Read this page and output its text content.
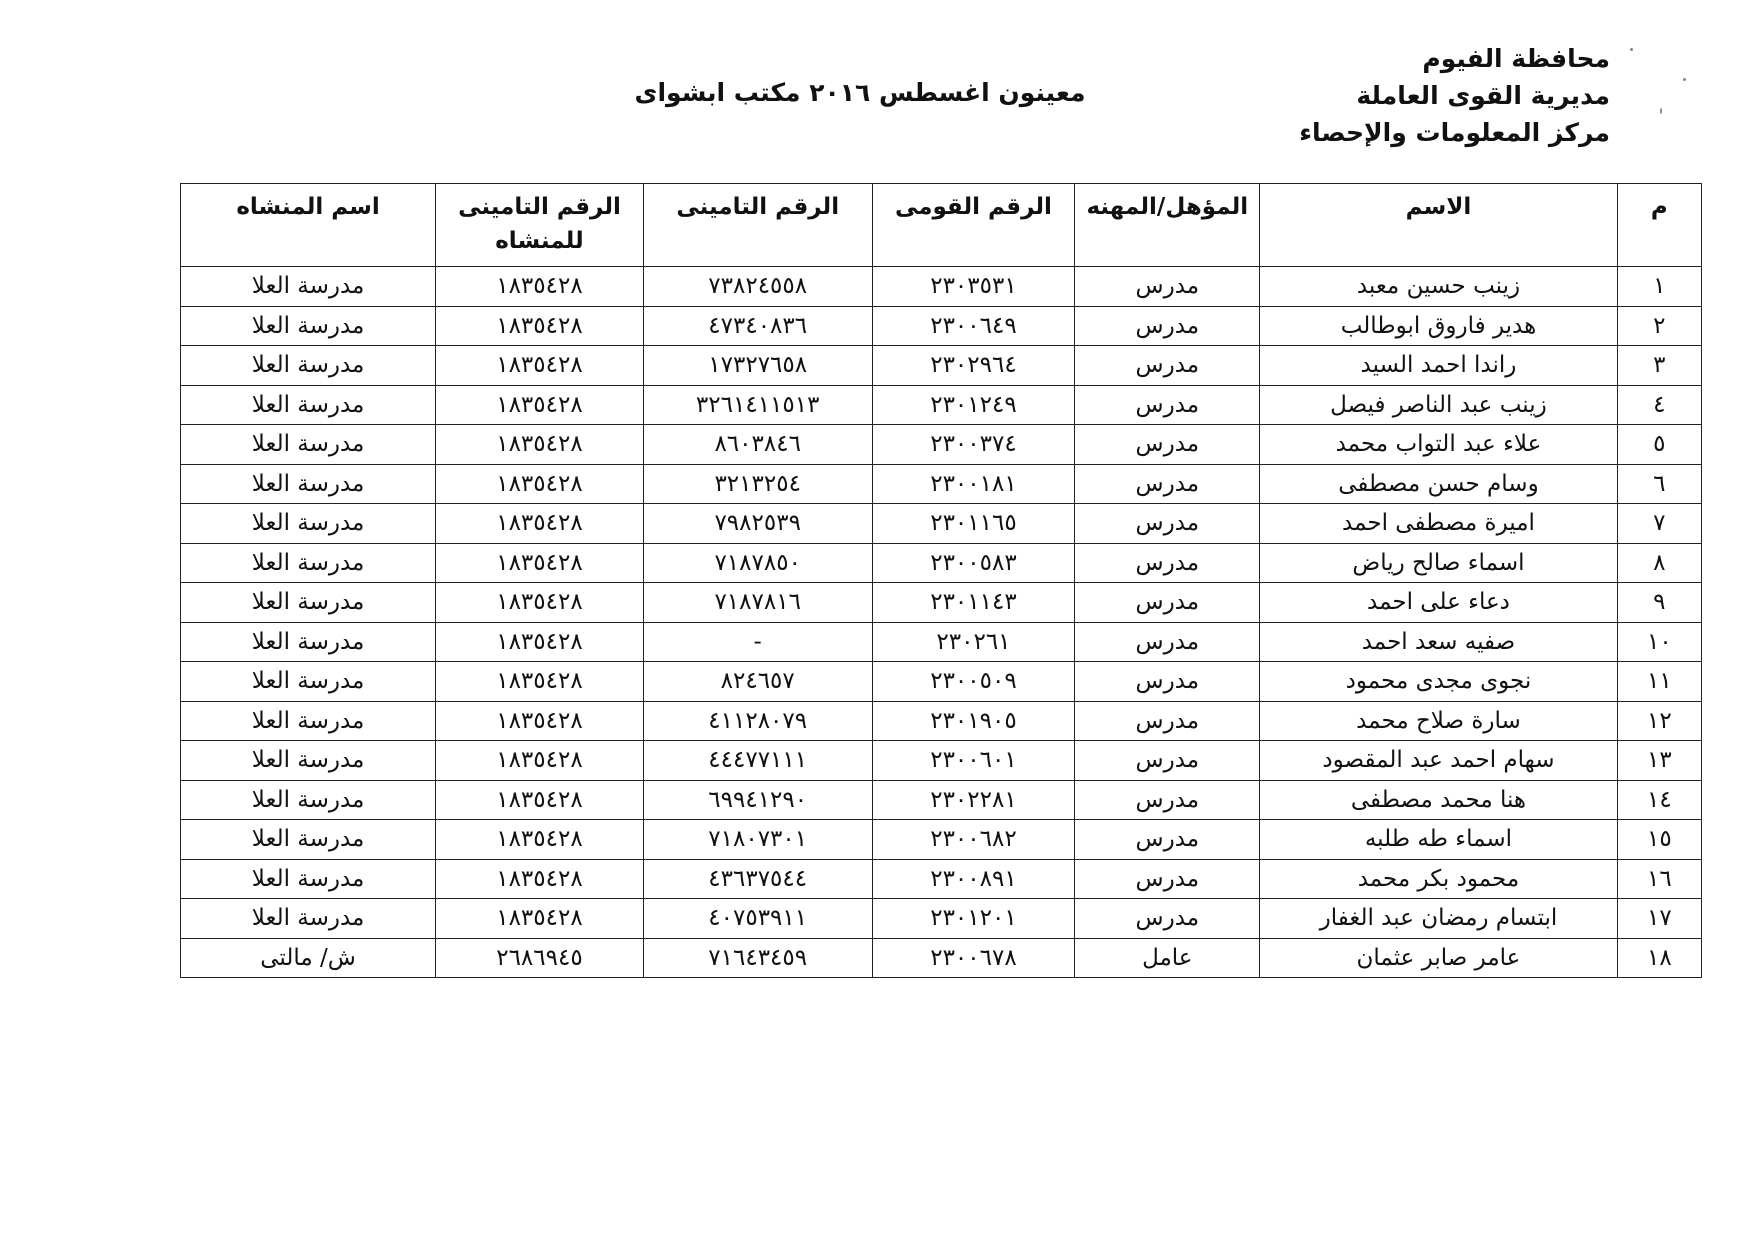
محافظة الفيوم
مديرية القوى العاملة
مركز المعلومات والإحصاء
معينون اغسطس ٢٠١٦ مكتب ابشواى
م	الاسم	المؤهل/المهنه	الرقم القومى	الرقم التامينى	الرقم التامينى للمنشاه	اسم المنشاه
١	زينب حسين معبد	مدرس	٢٣٠٣٥٣١	٧٣٨٢٤٥٥٨	١٨٣٥٤٢٨	مدرسة العلا
٢	هدير فاروق ابوطالب	مدرس	٢٣٠٠٦٤٩	٤٧٣٤٠٨٣٦	١٨٣٥٤٢٨	مدرسة العلا
٣	راندا احمد السيد	مدرس	٢٣٠٢٩٦٤	١٧٣٢٧٦٥٨	١٨٣٥٤٢٨	مدرسة العلا
٤	زينب عبد الناصر فيصل	مدرس	٢٣٠١٢٤٩	٣٢٦١٤١١٥١٣	١٨٣٥٤٢٨	مدرسة العلا
٥	علاء عبد التواب محمد	مدرس	٢٣٠٠٣٧٤	٨٦٠٣٨٤٦	١٨٣٥٤٢٨	مدرسة العلا
٦	وسام حسن مصطفى	مدرس	٢٣٠٠١٨١	٣٢١٣٢٥٤	١٨٣٥٤٢٨	مدرسة العلا
٧	اميرة مصطفى احمد	مدرس	٢٣٠١١٦٥	٧٩٨٢٥٣٩	١٨٣٥٤٢٨	مدرسة العلا
٨	اسماء صالح رياض	مدرس	٢٣٠٠٥٨٣	٧١٨٧٨٥٠	١٨٣٥٤٢٨	مدرسة العلا
٩	دعاء على احمد	مدرس	٢٣٠١١٤٣	٧١٨٧٨١٦	١٨٣٥٤٢٨	مدرسة العلا
١٠	صفيه سعد احمد	مدرس	٢٣٠٢٦١	-	١٨٣٥٤٢٨	مدرسة العلا
١١	نجوى مجدى محمود	مدرس	٢٣٠٠٥٠٩	٨٢٤٦٥٧	١٨٣٥٤٢٨	مدرسة العلا
١٢	سارة صلاح محمد	مدرس	٢٣٠١٩٠٥	٤١١٢٨٠٧٩	١٨٣٥٤٢٨	مدرسة العلا
١٣	سهام احمد عبد المقصود	مدرس	٢٣٠٠٦٠١	٤٤٤٧٧١١١	١٨٣٥٤٢٨	مدرسة العلا
١٤	هنا محمد مصطفى	مدرس	٢٣٠٢٢٨١	٦٩٩٤١٢٩٠	١٨٣٥٤٢٨	مدرسة العلا
١٥	اسماء طه طلبه	مدرس	٢٣٠٠٦٨٢	٧١٨٠٧٣٠١	١٨٣٥٤٢٨	مدرسة العلا
١٦	محمود بكر محمد	مدرس	٢٣٠٠٨٩١	٤٣٦٣٧٥٤٤	١٨٣٥٤٢٨	مدرسة العلا
١٧	ابتسام رمضان عبد الغفار	مدرس	٢٣٠١٢٠١	٤٠٧٥٣٩١١	١٨٣٥٤٢٨	مدرسة العلا
١٨	عامر صابر عثمان	عامل	٢٣٠٠٦٧٨	٧١٦٤٣٤٥٩	٢٦٨٦٩٤٥	ش/ مالتى
